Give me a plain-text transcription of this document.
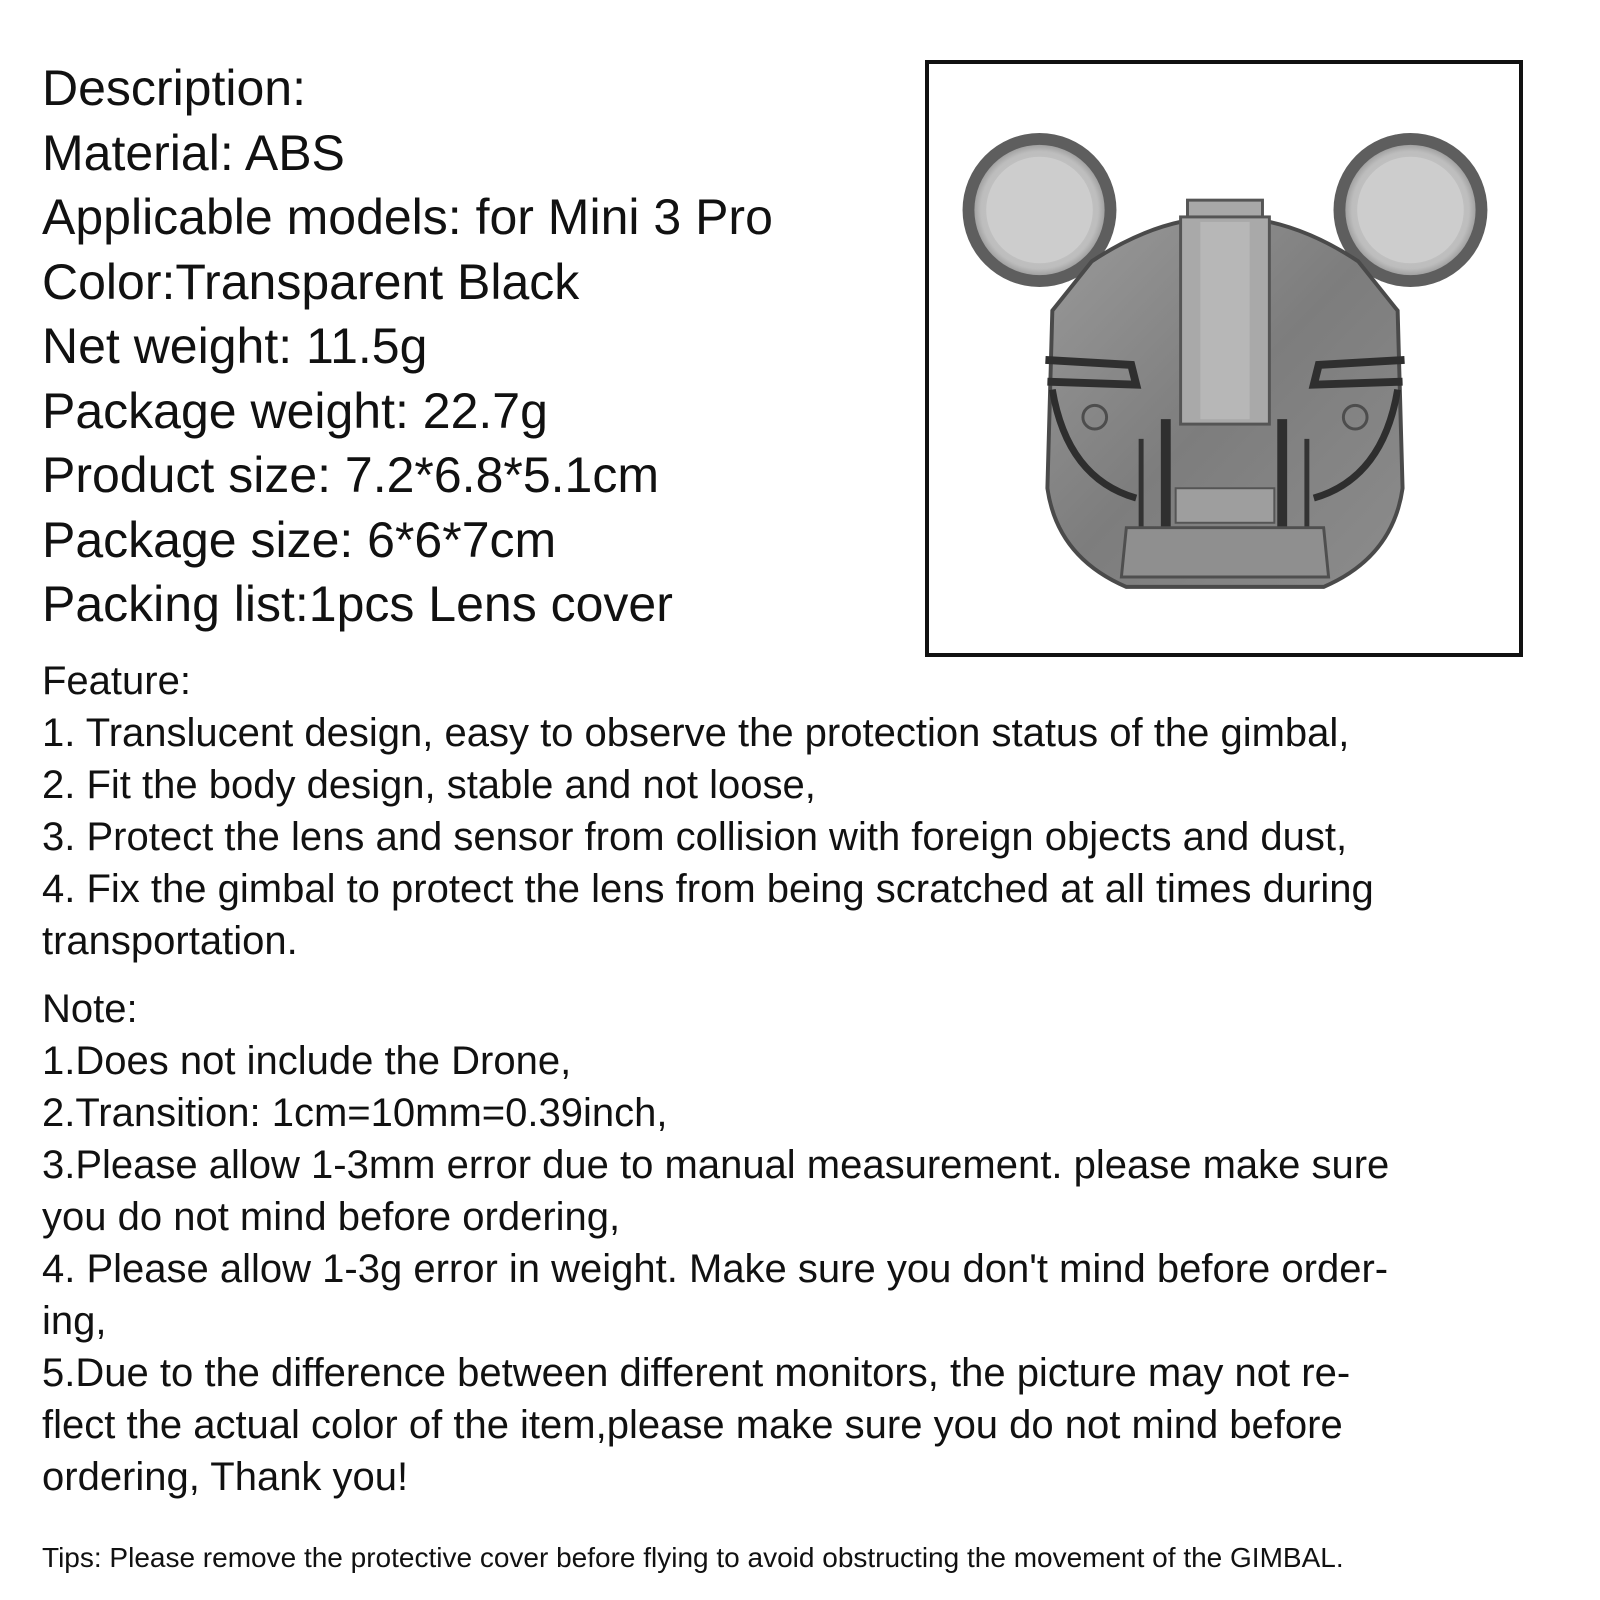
Description:

Material: ABS

Applicable models: for Mini 3 Pro

Color:Transparent Black

Net weight: 11.5g

Package weight: 22.7g

Product size: 7.2*6.8*5.1cm

Package size: 6*6*7cm

Packing list:1pcs Lens cover

Feature:

1. Translucent design, easy to observe the protection status of the gimbal,

2. Fit the body design, stable and not loose,

3. Protect the lens and sensor from collision with foreign objects and dust,

4. Fix the gimbal to protect the lens from being scratched at all times during

transportation.

Note:

1.Does not include the Drone,

2.Transition: 1cm=10mm=0.39inch,

3.Please allow 1-3mm error due to manual measurement. please make sure

you do not mind before ordering,

4. Please allow 1-3g error in weight. Make sure you don't mind before order-

ing,

5.Due to the difference between different monitors, the picture may not re-

flect the actual color of the item,please make sure you do not mind before

ordering, Thank you!

Tips: Please remove the protective cover before flying to avoid obstructing the movement of the GIMBAL.
